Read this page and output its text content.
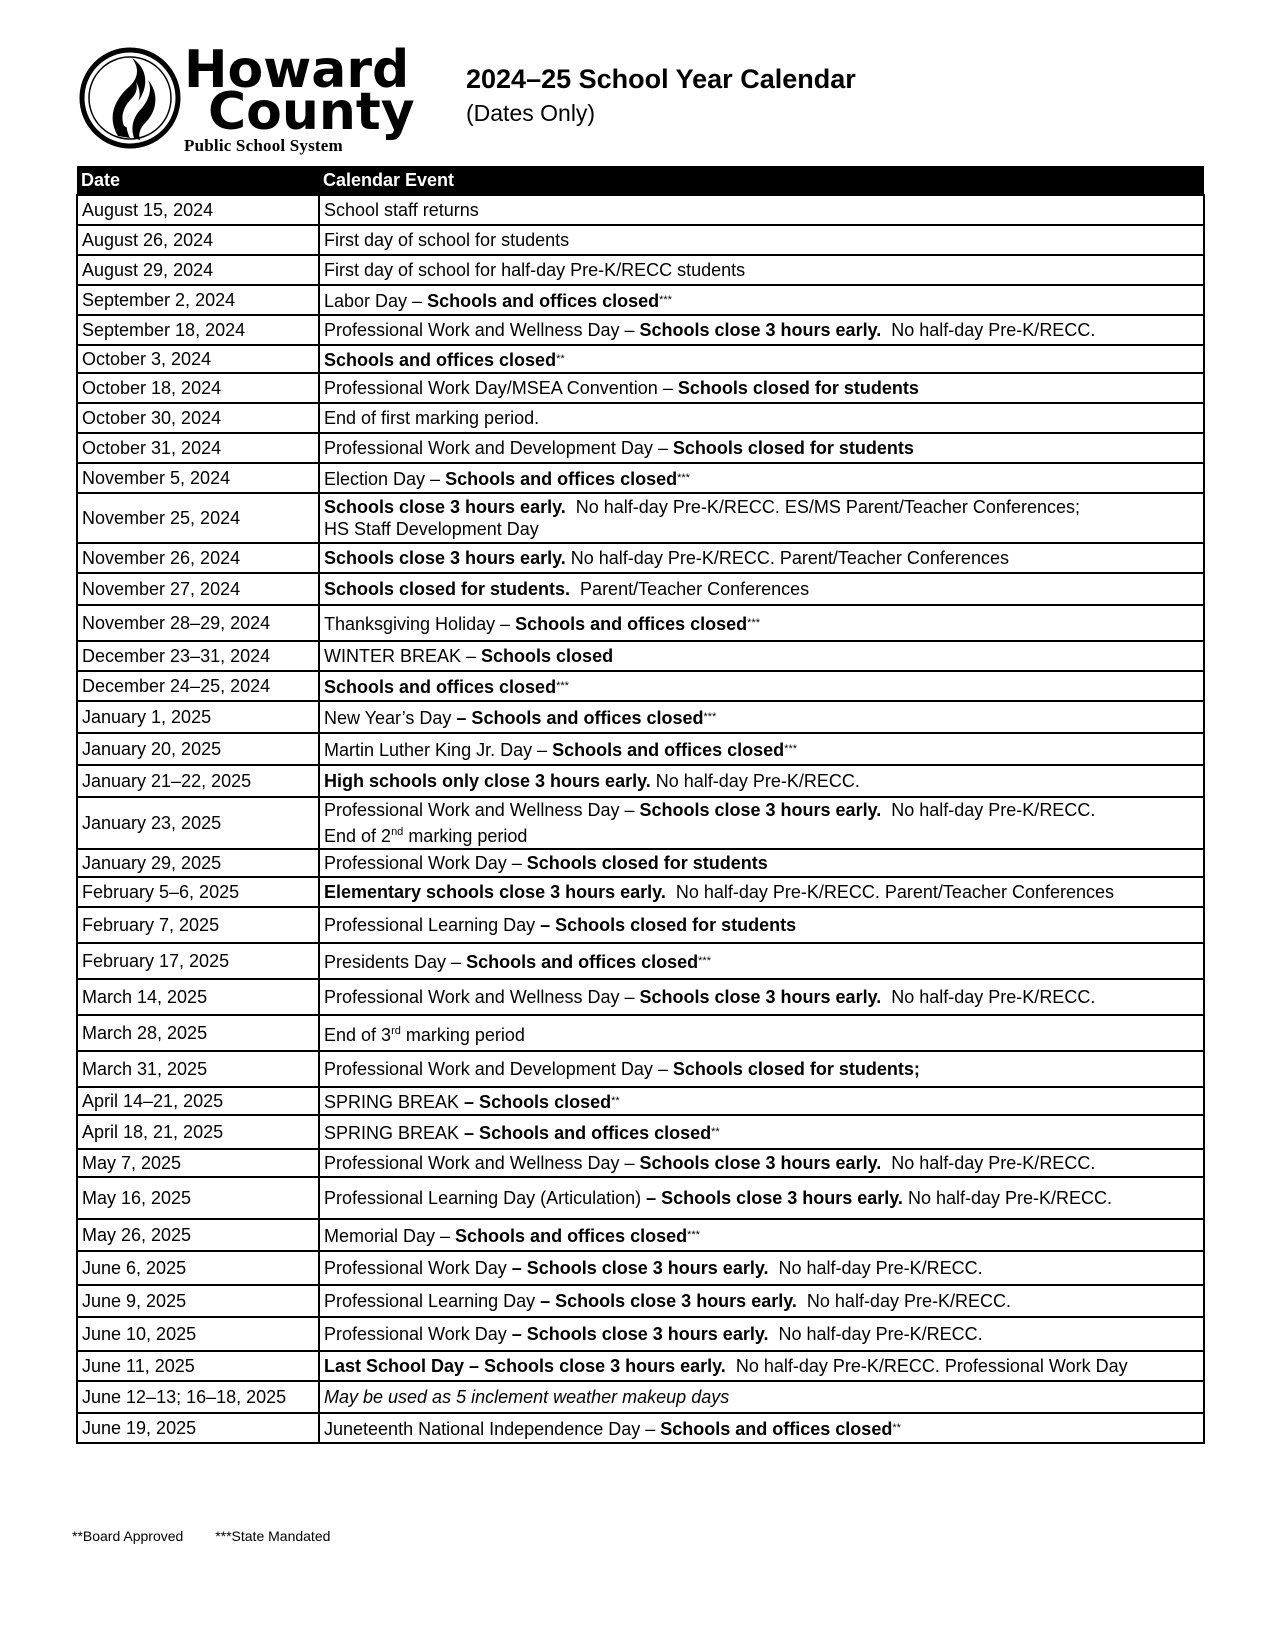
Howard
County
Public School System
2024–25 School Year Calendar
(Dates Only)
Date	Calendar Event
August 15, 2024	School staff returns
August 26, 2024	First day of school for students
August 29, 2024	First day of school for half-day Pre-K/RECC students
September 2, 2024	Labor Day – Schools and offices closed***
September 18, 2024	Professional Work and Wellness Day – Schools close 3 hours early.  No half-day Pre-K/RECC.
October 3, 2024	Schools and offices closed**
October 18, 2024	Professional Work Day/MSEA Convention – Schools closed for students
October 30, 2024	End of first marking period.
October 31, 2024	Professional Work and Development Day – Schools closed for students
November 5, 2024	Election Day – Schools and offices closed***
November 25, 2024	Schools close 3 hours early.  No half-day Pre-K/RECC. ES/MS Parent/Teacher Conferences;
HS Staff Development Day
November 26, 2024	Schools close 3 hours early. No half-day Pre-K/RECC. Parent/Teacher Conferences
November 27, 2024	Schools closed for students.  Parent/Teacher Conferences
November 28–29, 2024	Thanksgiving Holiday – Schools and offices closed***
December 23–31, 2024	WINTER BREAK – Schools closed
December 24–25, 2024	Schools and offices closed***
January 1, 2025	New Year’s Day – Schools and offices closed***
January 20, 2025	Martin Luther King Jr. Day – Schools and offices closed***
January 21–22, 2025	High schools only close 3 hours early. No half-day Pre-K/RECC.
January 23, 2025	Professional Work and Wellness Day – Schools close 3 hours early.  No half-day Pre-K/RECC.
End of 2nd marking period
January 29, 2025	Professional Work Day – Schools closed for students
February 5–6, 2025	Elementary schools close 3 hours early.  No half-day Pre-K/RECC. Parent/Teacher Conferences
February 7, 2025	Professional Learning Day – Schools closed for students
February 17, 2025	Presidents Day – Schools and offices closed***
March 14, 2025	Professional Work and Wellness Day – Schools close 3 hours early.  No half-day Pre-K/RECC.
March 28, 2025	End of 3rd marking period
March 31, 2025	Professional Work and Development Day – Schools closed for students;
April 14–21, 2025	SPRING BREAK – Schools closed**
April 18, 21, 2025	SPRING BREAK – Schools and offices closed**
May 7, 2025	Professional Work and Wellness Day – Schools close 3 hours early.  No half-day Pre-K/RECC.
May 16, 2025	Professional Learning Day (Articulation) – Schools close 3 hours early. No half-day Pre-K/RECC.
May 26, 2025	Memorial Day – Schools and offices closed***
June 6, 2025	Professional Work Day – Schools close 3 hours early.  No half-day Pre-K/RECC.
June 9, 2025	Professional Learning Day – Schools close 3 hours early.  No half-day Pre-K/RECC.
June 10, 2025	Professional Work Day – Schools close 3 hours early.  No half-day Pre-K/RECC.
June 11, 2025	Last School Day – Schools close 3 hours early.  No half-day Pre-K/RECC. Professional Work Day
June 12–13; 16–18, 2025	May be used as 5 inclement weather makeup days
June 19, 2025	Juneteenth National Independence Day – Schools and offices closed**
**Board Approved ***State Mandated
